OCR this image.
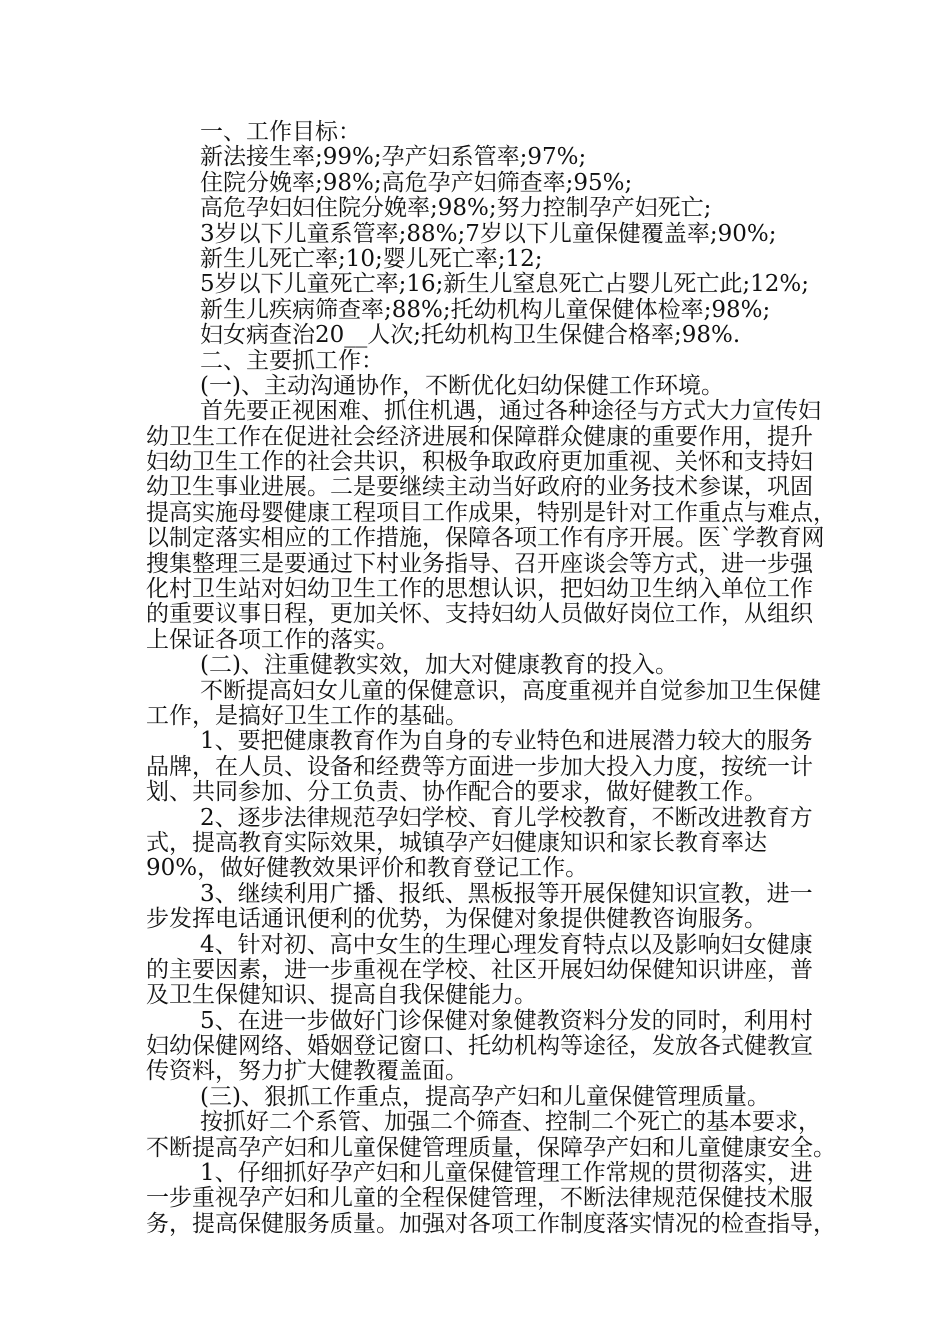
一、工作目标：
新法接生率;99%;孕产妇系管率;97%;
住院分娩率;98%;高危孕产妇筛查率;95%;
高危孕妇妇住院分娩率;98%;努力控制孕产妇死亡;
3岁以下儿童系管率;88%;7岁以下儿童保健覆盖率;90%;
新生儿死亡率;10;婴儿死亡率;12;
5岁以下儿童死亡率;16;新生儿窒息死亡占婴儿死亡此;12%;
新生儿疾病筛查率;88%;托幼机构儿童保健体检率;98%;
妇女病查治20__人次;托幼机构卫生保健合格率;98%.
二、主要抓工作：
(一)、主动沟通协作，不断优化妇幼保健工作环境。
首先要正视困难、抓住机遇，通过各种途径与方式大力宣传妇
幼卫生工作在促进社会经济进展和保障群众健康的重要作用，提升
妇幼卫生工作的社会共识，积极争取政府更加重视、关怀和支持妇
幼卫生事业进展。二是要继续主动当好政府的业务技术参谋，巩固
提高实施母婴健康工程项目工作成果，特别是针对工作重点与难点，
以制定落实相应的工作措施，保障各项工作有序开展。医`学教育网
搜集整理三是要通过下村业务指导、召开座谈会等方式，进一步强
化村卫生站对妇幼卫生工作的思想认识，把妇幼卫生纳入单位工作
的重要议事日程，更加关怀、支持妇幼人员做好岗位工作，从组织
上保证各项工作的落实。
(二)、注重健教实效，加大对健康教育的投入。
不断提高妇女儿童的保健意识，高度重视并自觉参加卫生保健
工作，是搞好卫生工作的基础。
1、要把健康教育作为自身的专业特色和进展潜力较大的服务
品牌，在人员、设备和经费等方面进一步加大投入力度，按统一计
划、共同参加、分工负责、协作配合的要求，做好健教工作。
2、逐步法律规范孕妇学校、育儿学校教育，不断改进教育方
式，提高教育实际效果，城镇孕产妇健康知识和家长教育率达
90%，做好健教效果评价和教育登记工作。
3、继续利用广播、报纸、黑板报等开展保健知识宣教，进一
步发挥电话通讯便利的优势，为保健对象提供健教咨询服务。
4、针对初、高中女生的生理心理发育特点以及影响妇女健康
的主要因素，进一步重视在学校、社区开展妇幼保健知识讲座，普
及卫生保健知识、提高自我保健能力。
5、在进一步做好门诊保健对象健教资料分发的同时，利用村
妇幼保健网络、婚姻登记窗口、托幼机构等途径，发放各式健教宣
传资料，努力扩大健教覆盖面。
(三)、狠抓工作重点，提高孕产妇和儿童保健管理质量。
按抓好二个系管、加强二个筛查、控制二个死亡的基本要求，
不断提高孕产妇和儿童保健管理质量，保障孕产妇和儿童健康安全。
1、仔细抓好孕产妇和儿童保健管理工作常规的贯彻落实，进
一步重视孕产妇和儿童的全程保健管理，不断法律规范保健技术服
务，提高保健服务质量。加强对各项工作制度落实情况的检查指导，
